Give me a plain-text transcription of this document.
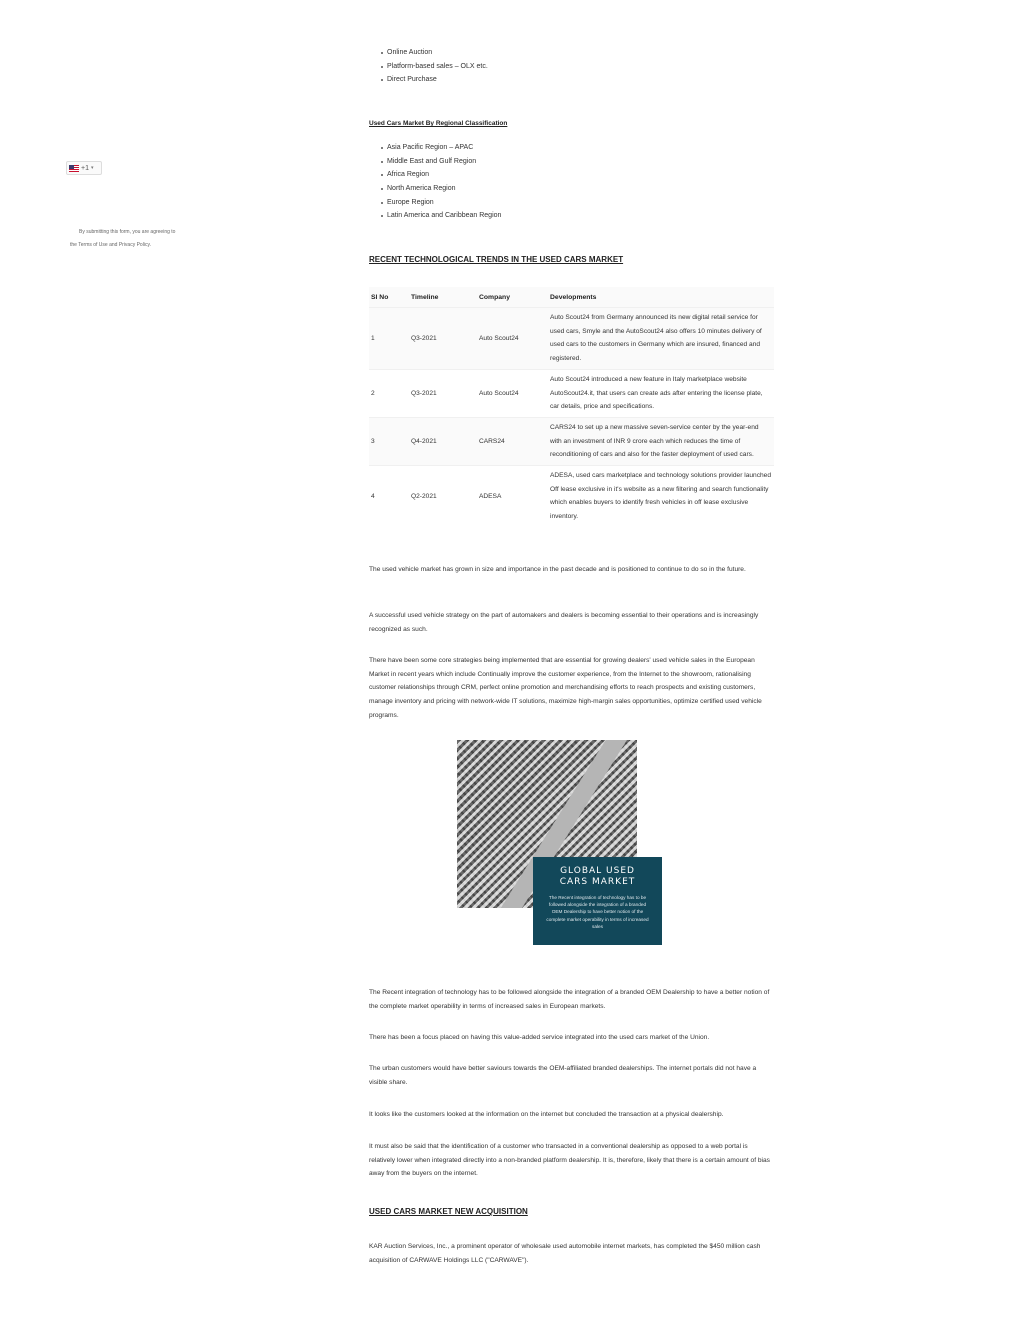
+1 ▾
By submitting this form, you are agreeing to
the Terms of Use and Privacy Policy.
Online Auction
Platform-based sales – OLX etc.
Direct Purchase
Used Cars Market By Regional Classification
Asia Pacific Region – APAC
Middle East and Gulf Region
Africa Region
North America Region
Europe Region
Latin America and Caribbean Region
RECENT TECHNOLOGICAL TRENDS IN THE USED CARS MARKET
Sl No	Timeline	Company	Developments
1	Q3-2021	Auto Scout24	Auto Scout24 from Germany announced its new digital retail service for used cars, Smyle and the AutoScout24 also offers 10 minutes delivery of used cars to the customers in Germany which are insured, financed and registered.
2	Q3-2021	Auto Scout24	Auto Scout24 introduced a new feature in Italy marketplace website AutoScout24.it, that users can create ads after entering the license plate, car details, price and specifications.
3	Q4-2021	CARS24	CARS24 to set up a new massive seven-service center by the year-end with an investment of INR 9 crore each which reduces the time of reconditioning of cars and also for the faster deployment of used cars.
4	Q2-2021	ADESA	ADESA, used cars marketplace and technology solutions provider launched Off lease exclusive in it's website as a new filtering and search functionality which enables buyers to identify fresh vehicles in off lease exclusive inventory.

The used vehicle market has grown in size and importance in the past decade and is positioned to continue to do so in the future.

A successful used vehicle strategy on the part of automakers and dealers is becoming essential to their operations and is increasingly recognized as such.

There have been some core strategies being implemented that are essential for growing dealers' used vehicle sales in the European Market in recent years which include Continually improve the customer experience, from the Internet to the showroom, rationalising customer relationships through CRM, perfect online promotion and merchandising efforts to reach prospects and existing customers, manage inventory and pricing with network-wide IT solutions, maximize high-margin sales opportunities, optimize certified used vehicle programs.

The Recent integration of technology has to be followed alongside the integration of a branded OEM Dealership to have a better notion of the complete market operability in terms of increased sales in European markets.

There has been a focus placed on having this value-added service integrated into the used cars market of the Union.

The urban customers would have better saviours towards the OEM-affiliated branded dealerships. The internet portals did not have a visible share.

It looks like the customers looked at the information on the internet but concluded the transaction at a physical dealership.

It must also be said that the identification of a customer who transacted in a conventional dealership as opposed to a web portal is relatively lower when integrated directly into a non-branded platform dealership. It is, therefore, likely that there is a certain amount of bias away from the buyers on the internet.

USED CARS MARKET NEW ACQUISITION

KAR Auction Services, Inc., a prominent operator of wholesale used automobile internet markets, has completed the $450 million cash acquisition of CARWAVE Holdings LLC ("CARWAVE").

GLOBAL USED CARS MARKET
The Recent integration of technology has to be followed alongside the integration of a branded OEM Dealership to have better notion of the complete market operability in terms of increased sales
